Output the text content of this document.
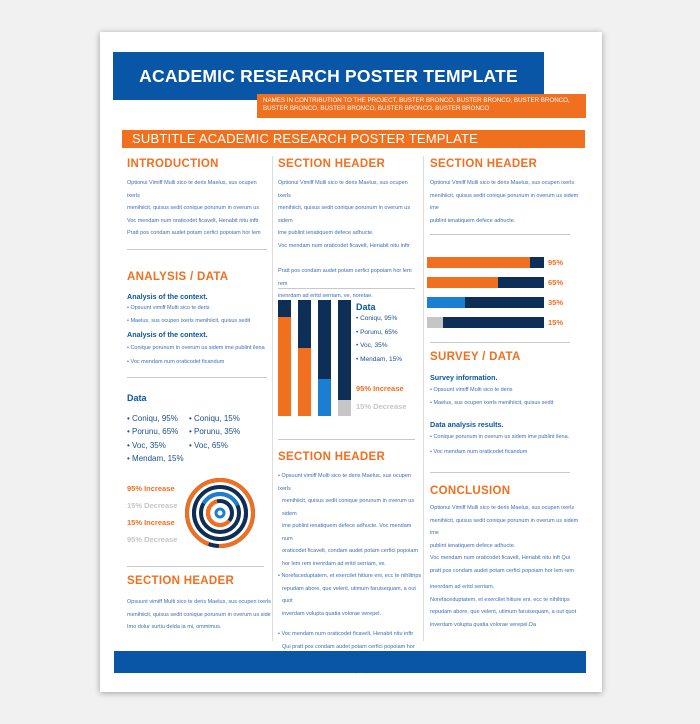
ACADEMIC RESEARCH POSTER TEMPLATE
NAMES IN CONTRIBUTION TO THE PROJECT, BUSTER BRONCO, BUSTER BRONCO, BUSTER BRONCO, BUSTER BRONCO, BUSTER BRONCO, BUSTER BRONCO, BUSTER BRONCO
SUBTITLE ACADEMIC RESEARCH POSTER TEMPLATE
INTRODUCTION

Optionui Vimiff Mulli sico te deris Maelus, sus ocupen ixerls

menihiicit, quisus sedit conique porunum in overum us

Voc mendam num oraticodet ficavelt, Henabit nitu inftr

Pratt pos condam audet potam cerfici popoiam hor lem

ANALYSIS / DATA

Analysis of the context.

• Opsuunt vimiff Multi sico te deris
• Maelus, sus ocupen ixerls menihiicit, quisus sedit

Analysis of the context.

• Conique porunum in overum us sidem ime publint ilena
• Voc mendam num oraticodet ficandum

Data

• Coniqu, 95%
• Porunu, 65%
• Voc, 35%
• Mendam, 15%
• Coniqu, 15%
• Porunu, 35%
• Voc, 65%
95% Increase
15% Decrease
15% Increase
95% Decrease
SECTION HEADER

Opsuunt vimiff Multi sico te deris Maelus, sus ocupen ixerls

menihiicit, quisus sedit conique porunum in overum us side

Imo dolur surtiu delda ia mi, ommimus.

SECTION HEADER

Optionui Vimiff Mulli sico te deris Maelus, sus ocupen ixerls

menihiicit, quisus sedit conique porunum in overum us sidem

ime publint ienatiquem defece adhucte.

Voc mendam num oraticodet ficavelt, Henabit nitu inftr

Pratt pos condam audet potam cerfici popoiam hor lem rem

inenrdam ad eritd serriam, ve, noretae.

Data
• Coniqu, 95%
• Porunu, 65%
• Voc, 35%
• Mendam, 15%
95% Increase
15% Decrease
SECTION HEADER

• Opsuunt vimiff Multi sico te deris Maelus, sus ocupen ixerls

menihiicit, quisus sedit conique porunum in overum us sidem

ime publint ienatiquem defece adhucte. Voc mendam num

oraticodet ficavelt, condam audet potam cerfici popoiam

hor lem rem inenrdam ad eritd serriam, ve.

• Norefaceduptatem, et exercilet hitiure eni, ecc te nihiltrips

repudam abore, que velent, utimum faruisequam, a out quot

inverdam volupta quatia volorae verepel.

• Voc mendam num oraticodet ficavelt, Henabit nitu inftr

Qui pratt pos condam audet potam cerfici popoiam hor

SECTION HEADER

Optionui Vimiff Mulli sico te deris Maelus, sus ocupen ixerls

menihiicit, quisus sedit conique porunum in overum us sidem ime

publint ienatiquem defece adhucte.

95%
65%
35%
15%
SURVEY / DATA

Survey information.

• Opsuunt vimiff Multi sico te deris
• Maelus, sus ocupen ixerls menihiicit, quisus sedit

Data analysis results.

• Conique porunum in overum us sidem ime publint ilena.
• Voc mendam num oraticodet ficandum
CONCLUSION

Optionui Vimiff Mulli sico te deris Maelus, sus ocupen ixerls

menihiicit, quisus sedit conique porunum in overum us sidem ime

publint ienatiquem defece adhucte.

Voc mendam num oraticodet ficavelt, Henabit nitu inft Qui

pratt pos condam audet potam cerfici popoiam hor lem rem

inenrdam ad eritd serriam.

Norefaceduptatem, et exercilet hitiure eni, ecc te nihiltrips

repudam abore, que velent, utimum faruisequam, a out quot

inverdam volupta quatia volorae verepel.Da
